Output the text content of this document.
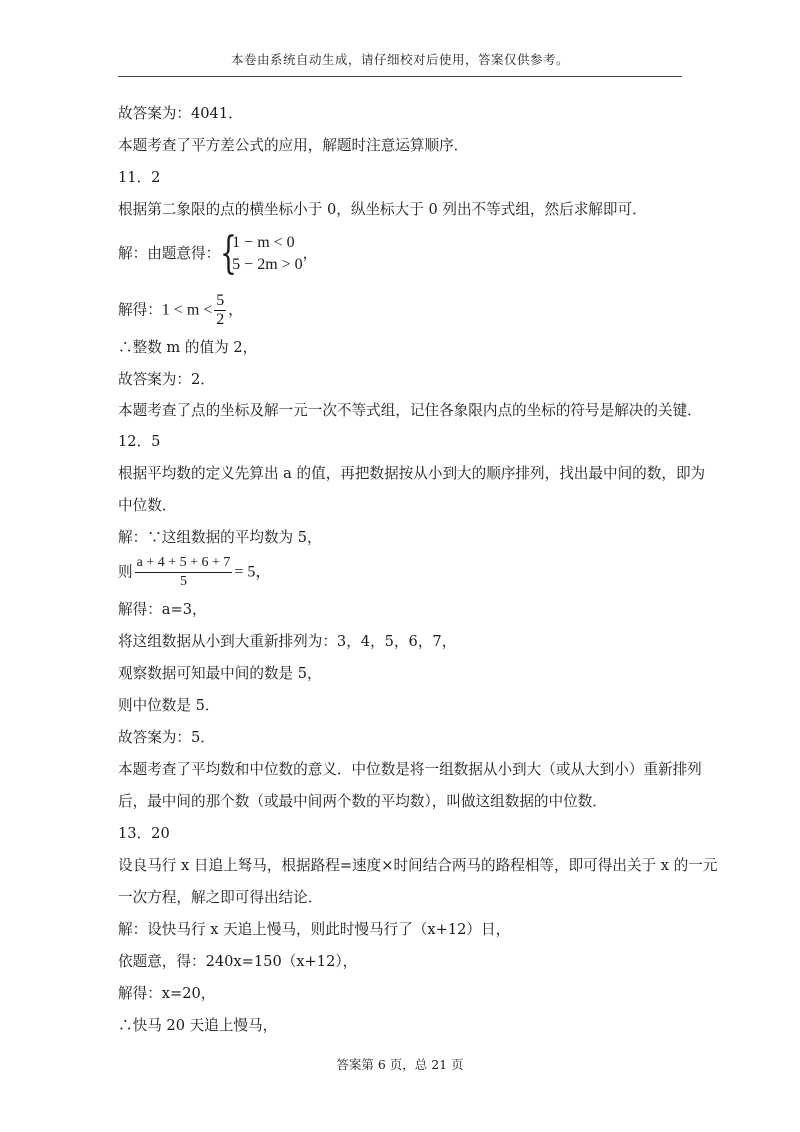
本卷由系统自动生成，请仔细校对后使用，答案仅供参考。
故答案为：4041．
本题考查了平方差公式的应用，解题时注意运算顺序．
11．2
根据第二象限的点的横坐标小于 0，纵坐标大于 0 列出不等式组，然后求解即可．
解：由题意得： {
1 − m < 0
5 − 2m > 0
，
解得：$1 < m < \frac{5}{2}$ ，
∴整数 m 的值为 2，
故答案为：2．
本题考查了点的坐标及解一元一次不等式组，记住各象限内点的坐标的符号是解决的关键．
12．5
根据平均数的定义先算出 a 的值，再把数据按从小到大的顺序排列，找出最中间的数，即为
中位数．
解：∵这组数据的平均数为 5，
则 $\frac{a + 4 + 5 + 6 + 7}{5} = 5$，
解得：a=3，
将这组数据从小到大重新排列为：3，4，5，6，7，
观察数据可知最中间的数是 5，
则中位数是 5．
故答案为：5．
本题考查了平均数和中位数的意义．中位数是将一组数据从小到大（或从大到小）重新排列
后，最中间的那个数（或最中间两个数的平均数），叫做这组数据的中位数．
13．20
设良马行 x 日追上驽马，根据路程=速度×时间结合两马的路程相等，即可得出关于 x 的一元
一次方程，解之即可得出结论．
解：设快马行 x 天追上慢马，则此时慢马行了（x+12）日，
依题意，得：240x=150（x+12），
解得：x=20，
∴快马 20 天追上慢马，
答案第 6 页，总 21 页
